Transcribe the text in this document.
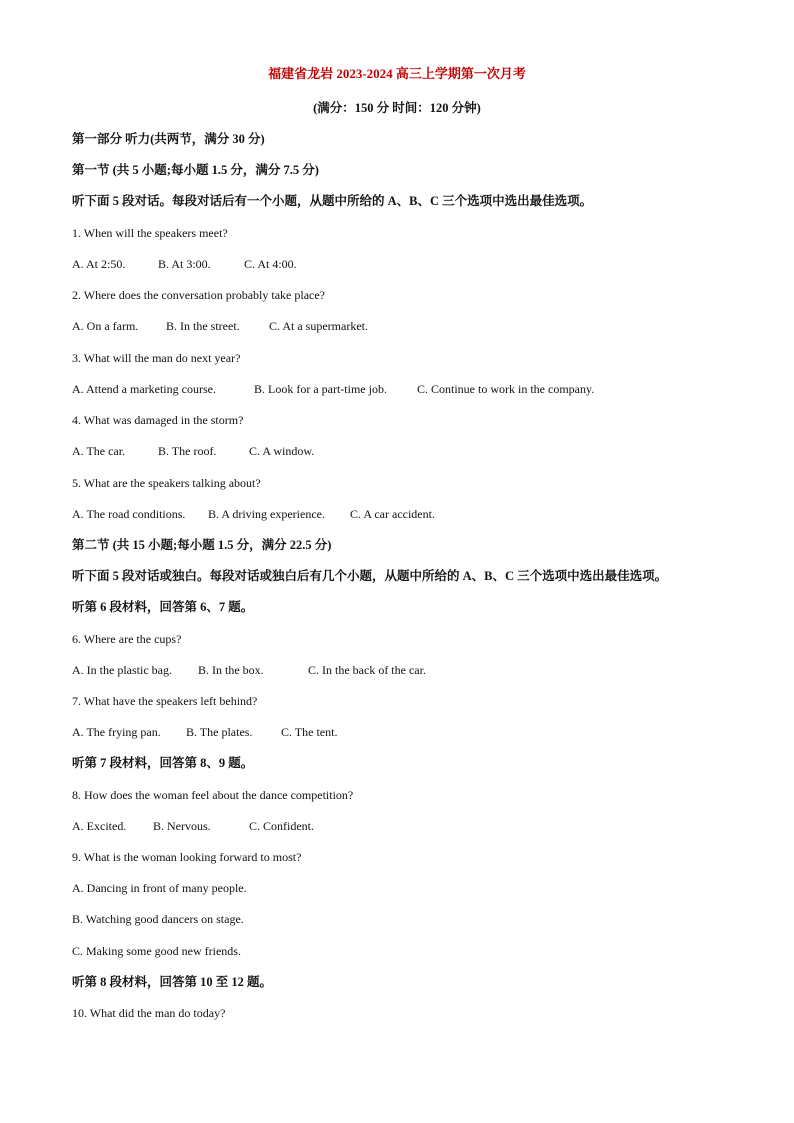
福建省龙岩 2023-2024 高三上学期第一次月考
(满分：150 分 时间：120 分钟)
第一部分 听力(共两节，满分 30 分)
第一节 (共 5 小题;每小题 1.5 分，满分 7.5 分)
听下面 5 段对话。每段对话后有一个小题，从题中所给的 A、B、C 三个选项中选出最佳选项。
1. When will the speakers meet?
A. At 2:50.	B. At 3:00.	C. At 4:00.
2. Where does the conversation probably take place?
A. On a farm. B. In the street. C. At a supermarket.
3. What will the man do next year?
A. Attend a marketing course.	B. Look for a part-time job.	C. Continue to work in the company.
4. What was damaged in the storm?
A. The car.	B. The roof.	C. A window.
5. What are the speakers talking about?
A. The road conditions. B. A driving experience. C. A car accident.
第二节 (共 15 小题;每小题 1.5 分，满分 22.5 分)
听下面 5 段对话或独白。每段对话或独白后有几个小题，从题中所给的 A、B、C 三个选项中选出最佳选项。
听第 6 段材料，回答第 6、7 题。
6. Where are the cups?
A. In the plastic bag. B. In the box.	C. In the back of the car.
7. What have the speakers left behind?
A. The frying pan. B. The plates. C. The tent.
听第 7 段材料，回答第 8、9 题。
8. How does the woman feel about the dance competition?
A. Excited. B. Nervous.	C. Confident.
9. What is the woman looking forward to most?
A. Dancing in front of many people.
B. Watching good dancers on stage.
C. Making some good new friends.
听第 8 段材料，回答第 10 至 12 题。
10. What did the man do today?
